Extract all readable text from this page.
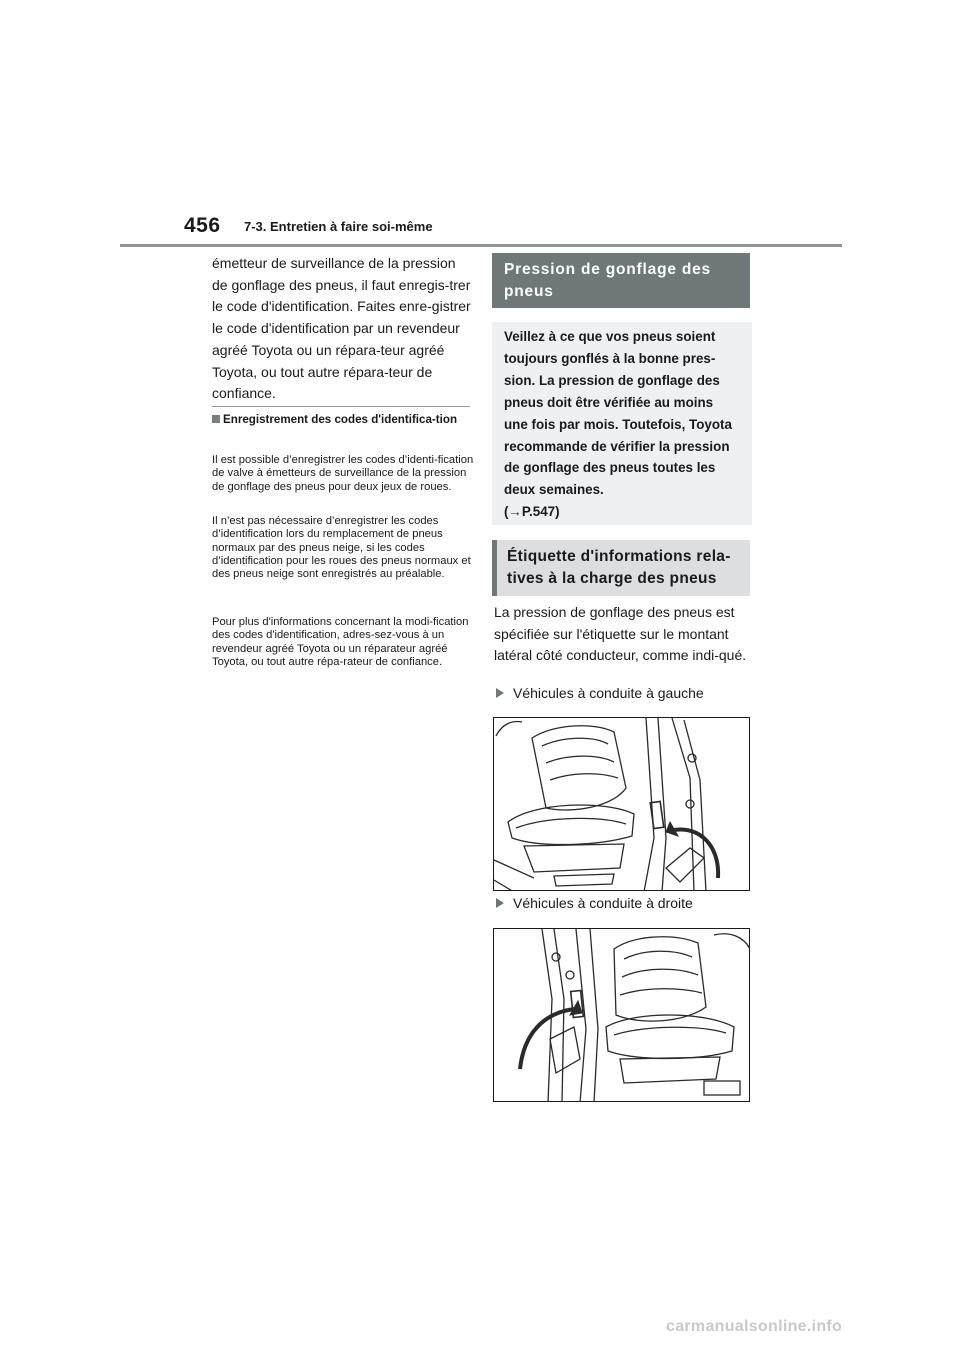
456 7-3. Entretien à faire soi-même
émetteur de surveillance de la pression de gonflage des pneus, il faut enregis-trer le code d'identification. Faites enre-gistrer le code d'identification par un revendeur agréé Toyota ou un répara-teur agréé Toyota, ou tout autre répara-teur de confiance.
Enregistrement des codes d'identifica-tion
Il est possible d’enregistrer les codes d’identi-fication de valve à émetteurs de surveillance de la pression de gonflage des pneus pour deux jeux de roues.
Il n’est pas nécessaire d’enregistrer les codes d’identification lors du remplacement de pneus normaux par des pneus neige, si les codes d’identification pour les roues des pneus normaux et des pneus neige sont enregistrés au préalable.
Pour plus d'informations concernant la modi-fication des codes d'identification, adres-sez-vous à un revendeur agréé Toyota ou un réparateur agréé Toyota, ou tout autre répa-rateur de confiance.
Pression de gonflage des pneus
Veillez à ce que vos pneus soient toujours gonflés à la bonne pres-sion. La pression de gonflage des pneus doit être vérifiée au moins une fois par mois. Toutefois, Toyota recommande de vérifier la pression de gonflage des pneus toutes les deux semaines.
(→P.547)
Étiquette d'informations rela-tives à la charge des pneus
La pression de gonflage des pneus est spécifiée sur l'étiquette sur le montant latéral côté conducteur, comme indi-qué.
Véhicules à conduite à gauche
Véhicules à conduite à droite
carmanualsonline.info
